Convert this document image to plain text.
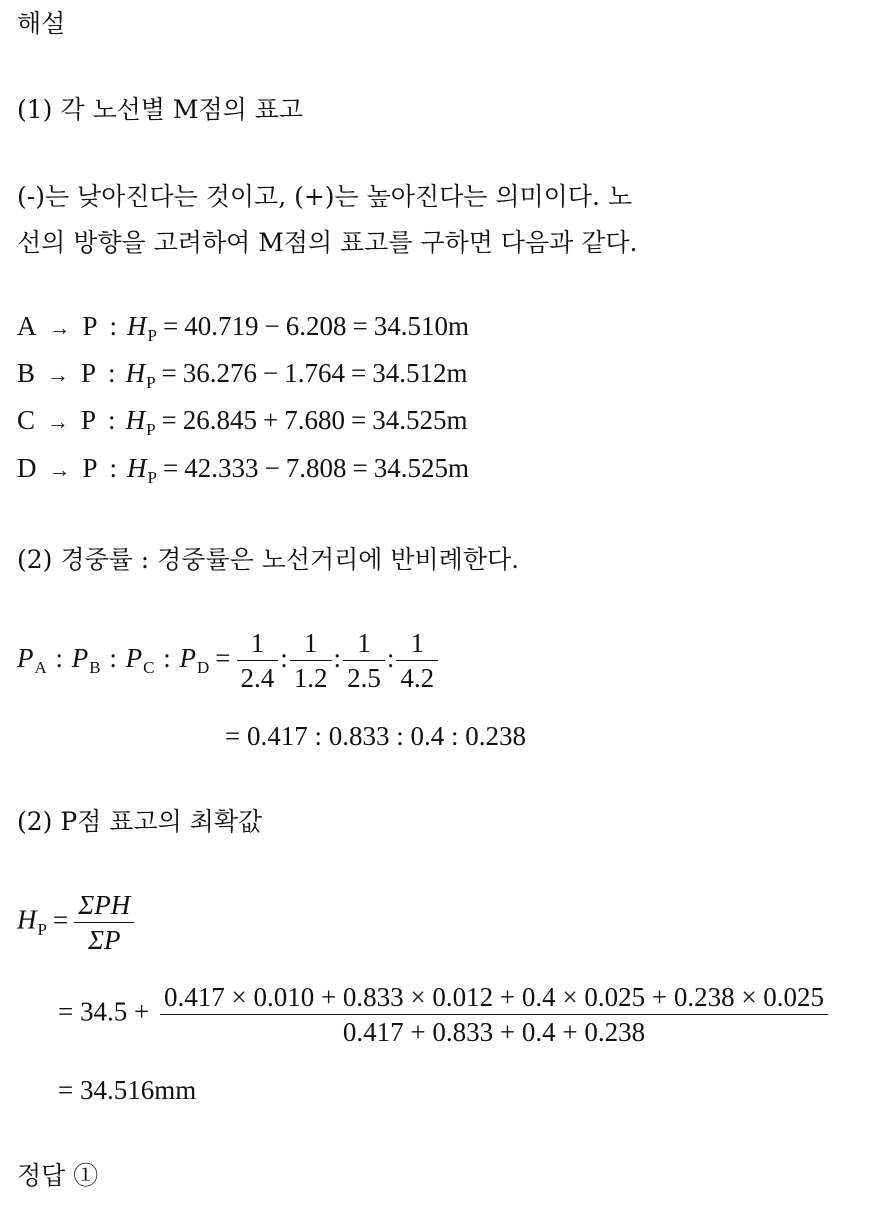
해설
(1) 각 노선별 M점의 표고
(-)는 낮아진다는 것이고, (+)는 높아진다는 의미이다. 노
선의 방향을 고려하여 M점의 표고를 구하면 다음과 같다.
A → P : $H_P = 40.719 - 6.208 = 34.510m$
B → P : $H_P = 36.276 - 1.764 = 34.512m$
C → P : $H_P = 26.845 + 7.680 = 34.525m$
D → P : $H_P = 42.333 - 7.808 = 34.525m$
(2) 경중률 : 경중률은 노선거리에 반비례한다.
$P_A$ : $P_B$ : $P_C$ : $P_D = \frac{1}{2.4}$ : $\frac{1}{1.2}$ : $\frac{1}{2.5}$ : $\frac{1}{4.2}$
= 0.417 : 0.833 : 0.4 : 0.238
(2) P점 표고의 최확값
$H_P = \frac{\text{ΣPH}}{\Sigma P}$
= $34.5 + \frac{0.417 \times 0.010 + 0.833 \times 0.012 + 0.4 \times 0.025 + 0.238 \times 0.025}{0.417 + 0.833 + 0.4 + 0.238}$
= 34.516mm
정답 ①
